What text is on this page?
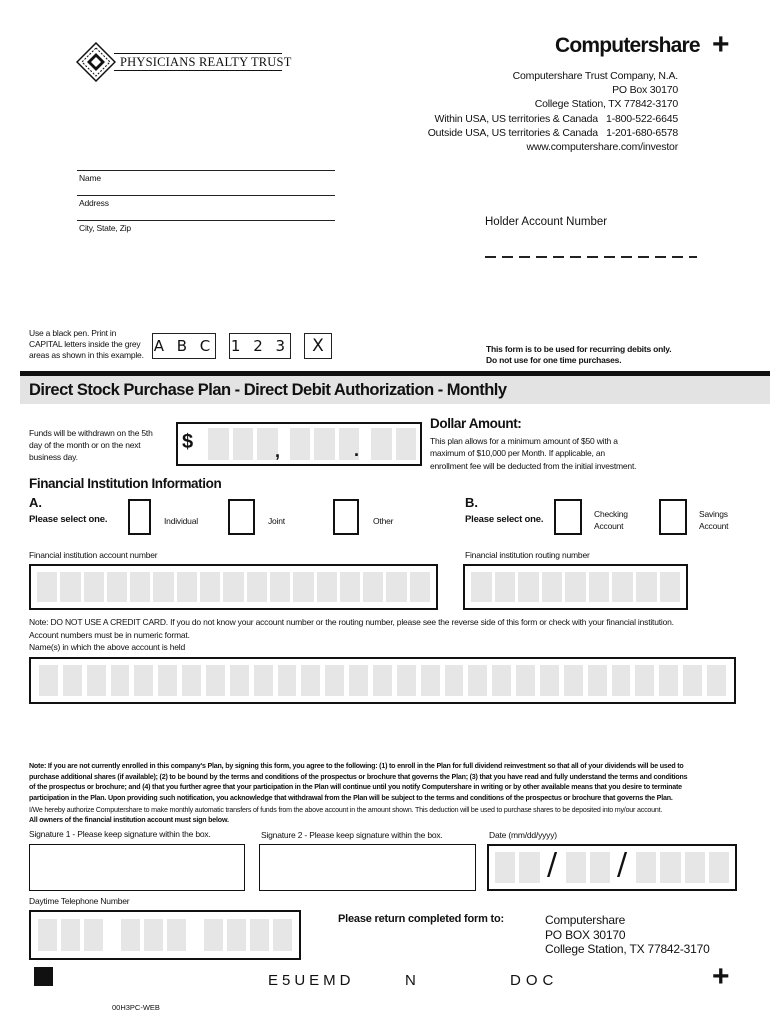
PHYSICIANS REALTY TRUST
Computershare +
Computershare Trust Company, N.A.
PO Box 30170
College Station, TX 77842-3170
Within USA, US territories & Canada   1-800-522-6645
Outside USA, US territories & Canada   1-201-680-6578
www.computershare.com/investor
Name
Address
City, State, Zip	Holder Account Number
Use a black pen. Print in
CAPITAL letters inside the grey
areas as shown in this example. A B C 1 2 3	X	This form is to be used for recurring debits only.
Do not use for one time purchases.
Direct Stock Purchase Plan - Direct Debit Authorization - Monthly
Funds will be withdrawn on the 5th
day of the month or on the next
business day.
$	,	.
Dollar Amount:
This plan allows for a minimum amount of $50 with a
maximum of $10,000 per Month. If applicable, an
enrollment fee will be deducted from the initial investment.
Financial Institution Information
A.
Please select one.	Individual	Joint	Other
B.
Please select one.	Checking
Account
Savings
Account
Financial institution account number	Financial institution routing number
Note: DO NOT USE A CREDIT CARD. If you do not know your account number or the routing number, please see the reverse side of this form or check with your financial institution.
Account numbers must be in numeric format.
Name(s) in which the above account is held
Note: If you are not currently enrolled in this company's Plan, by signing this form, you agree to the following: (1) to enroll in the Plan for full dividend reinvestment so that all of your dividends will be used to
purchase additional shares (if available); (2) to be bound by the terms and conditions of the prospectus or brochure that governs the Plan; (3) that you have read and fully understand the terms and conditions
of the prospectus or brochure; and (4) that you further agree that your participation in the Plan will continue until you notify Computershare in writing or by other available means that you desire to terminate
participation in the Plan. Upon providing such notification, you acknowledge that withdrawal from the Plan will be subject to the terms and conditions of the prospectus or brochure that governs the Plan.
I/We hereby authorize Computershare to make monthly automatic transfers of funds from the above account in the amount shown. This deduction will be used to purchase shares to be deposited into my/our account.
All owners of the financial institution account must sign below.
Signature 1 - Please keep signature within the box.	Signature 2 - Please keep signature within the box.	Date (mm/dd/yyyy)
/ /
Daytime Telephone Number
Please return completed form to:	Computershare
PO BOX 30170
College Station, TX 77842-3170
E5UEMD	N	DOC	+
00H3PC-WEB
